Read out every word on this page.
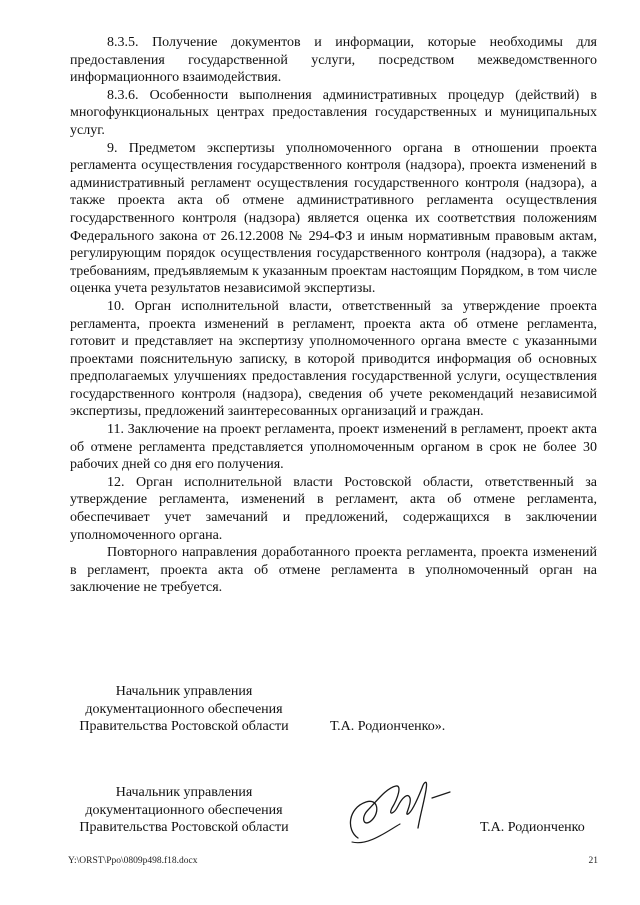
8.3.5. Получение документов и информации, которые необходимы для предоставления государственной услуги, посредством межведомственного информационного взаимодействия.

8.3.6. Особенности выполнения административных процедур (действий) в многофункциональных центрах предоставления государственных и муниципальных услуг.

9. Предметом экспертизы уполномоченного органа в отношении проекта регламента осуществления государственного контроля (надзора), проекта изменений в административный регламент осуществления государственного контроля (надзора), а также проекта акта об отмене административного регламента осуществления государственного контроля (надзора) является оценка их соответствия положениям Федерального закона от 26.12.2008 № 294-ФЗ и иным нормативным правовым актам, регулирующим порядок осуществления государственного контроля (надзора), а также требованиям, предъявляемым к указанным проектам настоящим Порядком, в том числе оценка учета результатов независимой экспертизы.

10. Орган исполнительной власти, ответственный за утверждение проекта регламента, проекта изменений в регламент, проекта акта об отмене регламента, готовит и представляет на экспертизу уполномоченного органа вместе с указанными проектами пояснительную записку, в которой приводится информация об основных предполагаемых улучшениях предоставления государственной услуги, осуществления государственного контроля (надзора), сведения об учете рекомендаций независимой экспертизы, предложений заинтересованных организаций и граждан.

11. Заключение на проект регламента, проект изменений в регламент, проект акта об отмене регламента представляется уполномоченным органом в срок не более 30 рабочих дней со дня его получения.

12. Орган исполнительной власти Ростовской области, ответственный за утверждение регламента, изменений в регламент, акта об отмене регламента, обеспечивает учет замечаний и предложений, содержащихся в заключении уполномоченного органа.

Повторного направления доработанного проекта регламента, проекта изменений в регламент, проекта акта об отмене регламента в уполномоченный орган на заключение не требуется.

Начальник управления
документационного обеспечения
Правительства Ростовской области	Т.А. Родионченко».
Начальник управления
документационного обеспечения
Правительства Ростовской области	Т.А. Родионченко
Y:\ORST\Ppo\0809p498.f18.docx	21
